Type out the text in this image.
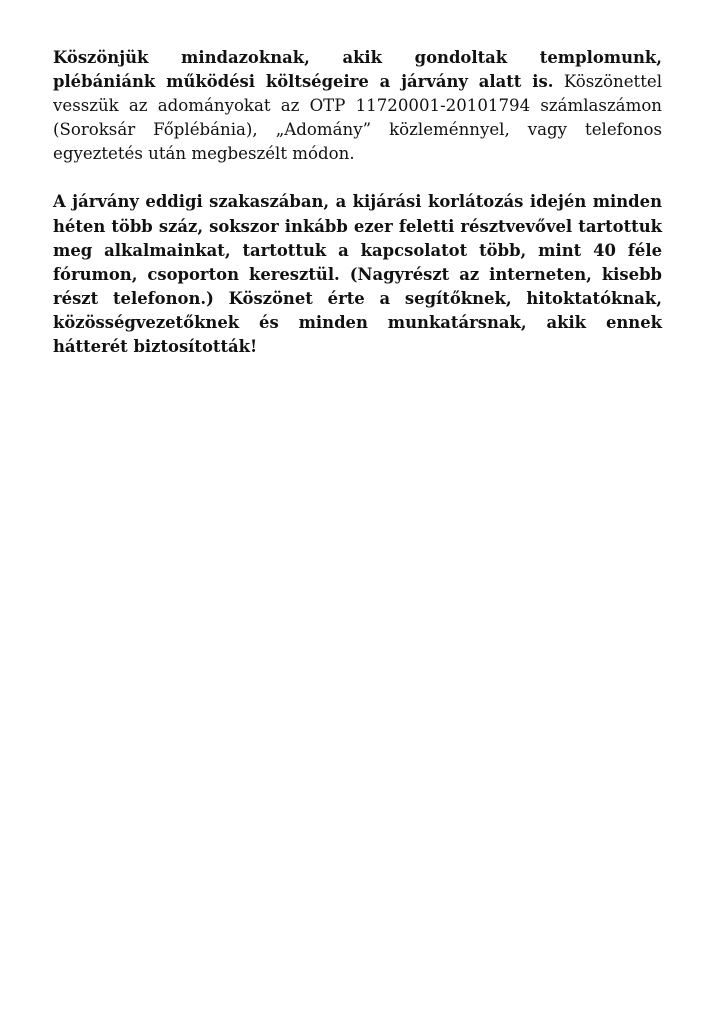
Köszönjük mindazoknak, akik gondoltak templomunk, plébániánk működési költségeire a járvány alatt is. Köszönettel vesszük az adományokat az OTP 11720001-20101794 számlaszámon (Soroksár Főplébánia), „Adomány” közleménnyel, vagy telefonos egyeztetés után megbeszélt módon.

A járvány eddigi szakaszában, a kijárási korlátozás idején minden héten több száz, sokszor inkább ezer feletti résztvevővel tartottuk meg alkalmainkat, tartottuk a kapcsolatot több, mint 40 féle fórumon, csoporton keresztül. (Nagyrészt az interneten, kisebb részt telefonon.) Köszönet érte a segítőknek, hitoktatóknak, közösségvezetőknek és minden munkatársnak, akik ennek hátterét biztosították!
